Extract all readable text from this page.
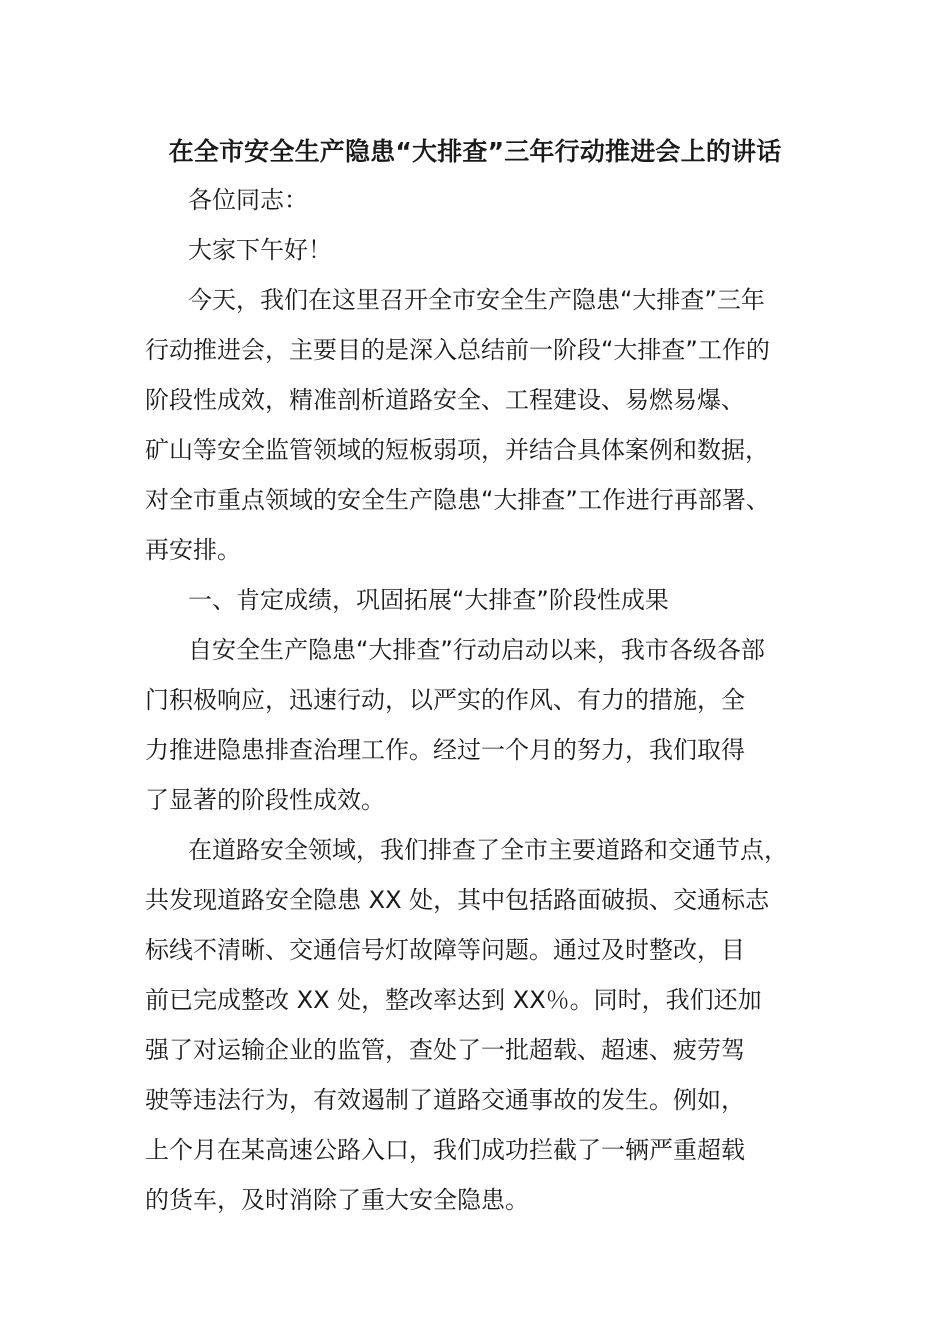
在全市安全生产隐患“大排查”三年行动推进会上的讲话

各位同志：

大家下午好！

今天，我们在这里召开全市安全生产隐患“大排查”三年

行动推进会，主要目的是深入总结前一阶段“大排查”工作的

阶段性成效，精准剖析道路安全、工程建设、易燃易爆、

矿山等安全监管领域的短板弱项，并结合具体案例和数据，

对全市重点领域的安全生产隐患“大排查”工作进行再部署、

再安排。

一、肯定成绩，巩固拓展“大排查”阶段性成果

自安全生产隐患“大排查”行动启动以来，我市各级各部

门积极响应，迅速行动，以严实的作风、有力的措施，全

力推进隐患排查治理工作。经过一个月的努力，我们取得

了显著的阶段性成效。

在道路安全领域，我们排查了全市主要道路和交通节点，

共发现道路安全隐患 XX 处，其中包括路面破损、交通标志

标线不清晰、交通信号灯故障等问题。通过及时整改，目

前已完成整改 XX 处，整改率达到 XX％。同时，我们还加

强了对运输企业的监管，查处了一批超载、超速、疲劳驾

驶等违法行为，有效遏制了道路交通事故的发生。例如，

上个月在某高速公路入口，我们成功拦截了一辆严重超载

的货车，及时消除了重大安全隐患。
